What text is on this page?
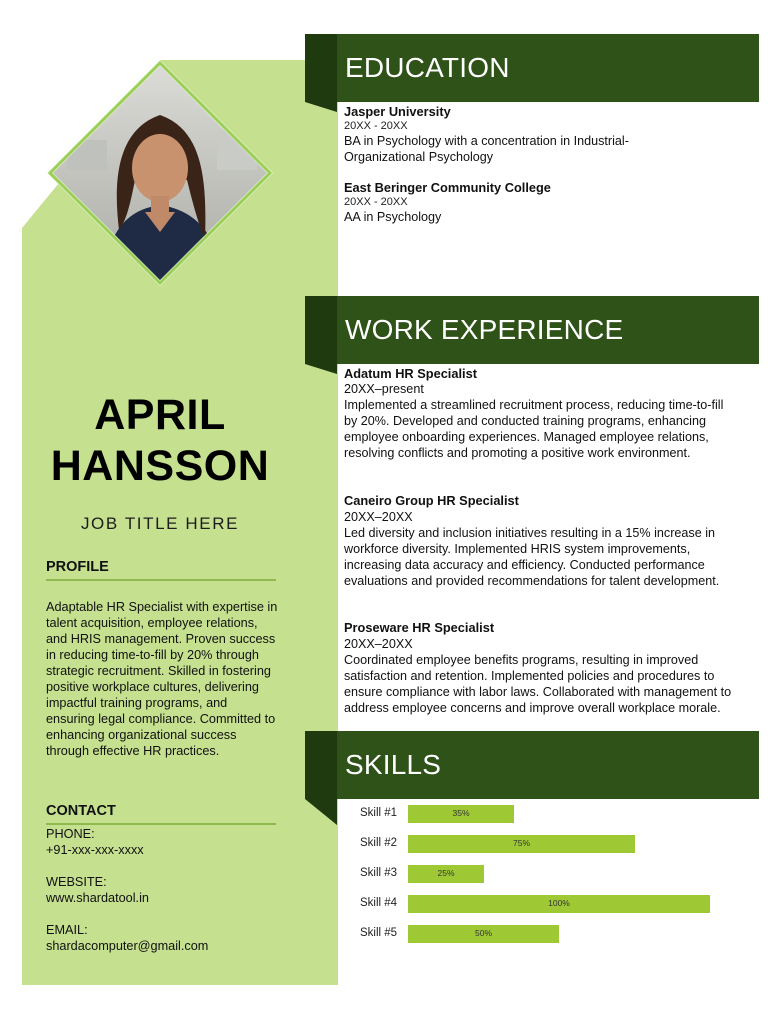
APRIL
HANSSON
JOB TITLE HERE
PROFILE
Adaptable HR Specialist with expertise in talent acquisition, employee relations, and HRIS management. Proven success in reducing time-to-fill by 20% through strategic recruitment. Skilled in fostering positive workplace cultures, delivering impactful training programs, and ensuring legal compliance. Committed to enhancing organizational success through effective HR practices.
CONTACT
PHONE:
+91-xxx-xxx-xxxx
WEBSITE:
www.shardatool.in
EMAIL:
shardacomputer@gmail.com
EDUCATION
Jasper University
20XX - 20XX
BA in Psychology with a concentration in Industrial-
Organizational Psychology
East Beringer Community College
20XX - 20XX
AA in Psychology
WORK EXPERIENCE
Adatum HR Specialist
20XX–present
Implemented a streamlined recruitment process, reducing time-to-fill by 20%. Developed and conducted training programs, enhancing employee onboarding experiences. Managed employee relations, resolving conflicts and promoting a positive work environment.
Caneiro Group HR Specialist
20XX–20XX
Led diversity and inclusion initiatives resulting in a 15% increase in workforce diversity. Implemented HRIS system improvements, increasing data accuracy and efficiency. Conducted performance evaluations and provided recommendations for talent development.
Proseware HR Specialist
20XX–20XX
Coordinated employee benefits programs, resulting in improved satisfaction and retention. Implemented policies and procedures to ensure compliance with labor laws. Collaborated with management to address employee concerns and improve overall workplace morale.
SKILLS
Skill #1	35%
Skill #2	75%
Skill #3	25%
Skill #4	100%
Skill #5	50%
